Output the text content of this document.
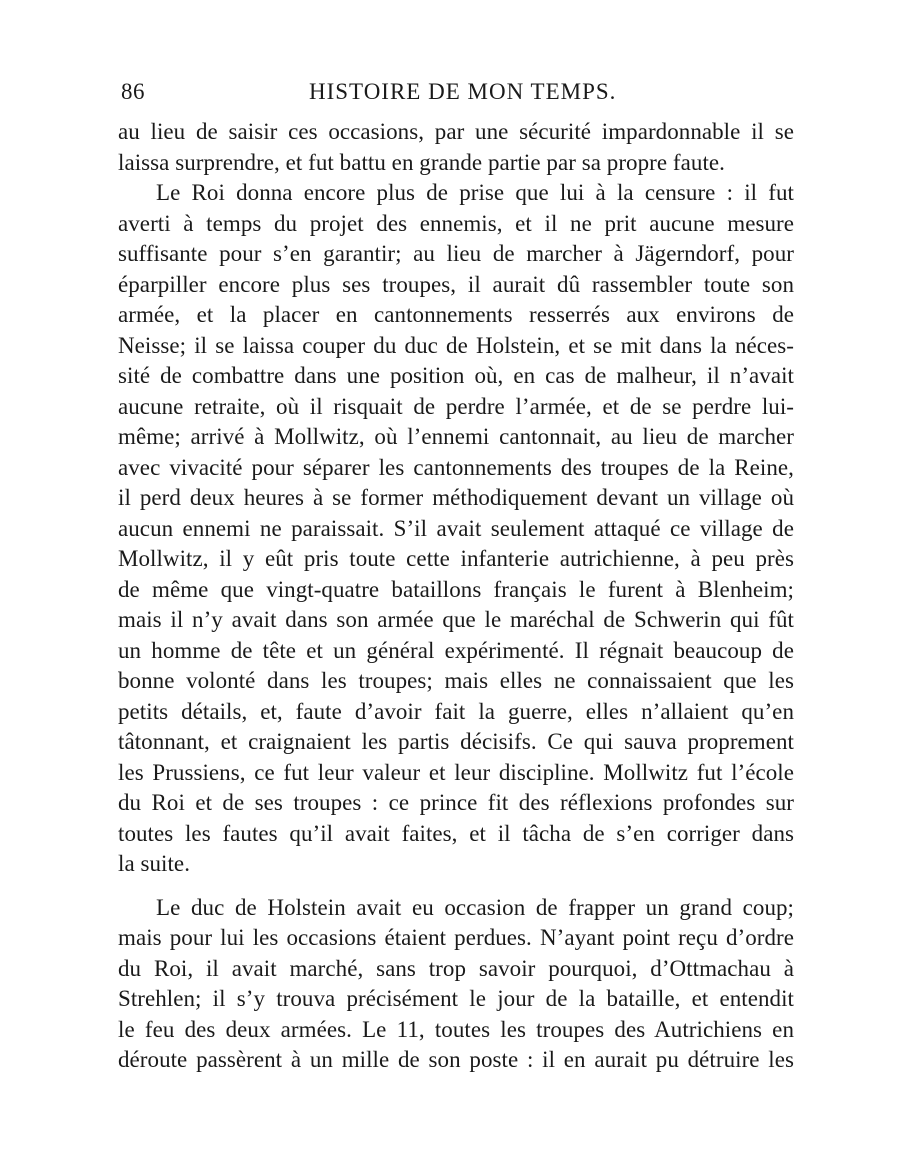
86	HISTOIRE DE MON TEMPS.
au lieu de saisir ces occasions, par une sécurité impardonnable il se
laissa surprendre, et fut battu en grande partie par sa propre faute.
Le Roi donna encore plus de prise que lui à la censure : il fut
averti à temps du projet des ennemis, et il ne prit aucune mesure
suffisante pour s’en garantir; au lieu de marcher à Jägerndorf, pour
éparpiller encore plus ses troupes, il aurait dû rassembler toute son
armée, et la placer en cantonnements resserrés aux environs de
Neisse; il se laissa couper du duc de Holstein, et se mit dans la néces-
sité de combattre dans une position où, en cas de malheur, il n’avait
aucune retraite, où il risquait de perdre l’armée, et de se perdre lui-
même; arrivé à Mollwitz, où l’ennemi cantonnait, au lieu de marcher
avec vivacité pour séparer les cantonnements des troupes de la Reine,
il perd deux heures à se former méthodiquement devant un village où
aucun ennemi ne paraissait. S’il avait seulement attaqué ce village de
Mollwitz, il y eût pris toute cette infanterie autrichienne, à peu près
de même que vingt-quatre bataillons français le furent à Blenheim;
mais il n’y avait dans son armée que le maréchal de Schwerin qui fût
un homme de tête et un général expérimenté. Il régnait beaucoup de
bonne volonté dans les troupes; mais elles ne connaissaient que les
petits détails, et, faute d’avoir fait la guerre, elles n’allaient qu’en
tâtonnant, et craignaient les partis décisifs. Ce qui sauva proprement
les Prussiens, ce fut leur valeur et leur discipline. Mollwitz fut l’école
du Roi et de ses troupes : ce prince fit des réflexions profondes sur
toutes les fautes qu’il avait faites, et il tâcha de s’en corriger dans
la suite.
Le duc de Holstein avait eu occasion de frapper un grand coup;
mais pour lui les occasions étaient perdues. N’ayant point reçu d’ordre
du Roi, il avait marché, sans trop savoir pourquoi, d’Ottmachau à
Strehlen; il s’y trouva précisément le jour de la bataille, et entendit
le feu des deux armées. Le 11, toutes les troupes des Autrichiens en
déroute passèrent à un mille de son poste : il en aurait pu détruire les
